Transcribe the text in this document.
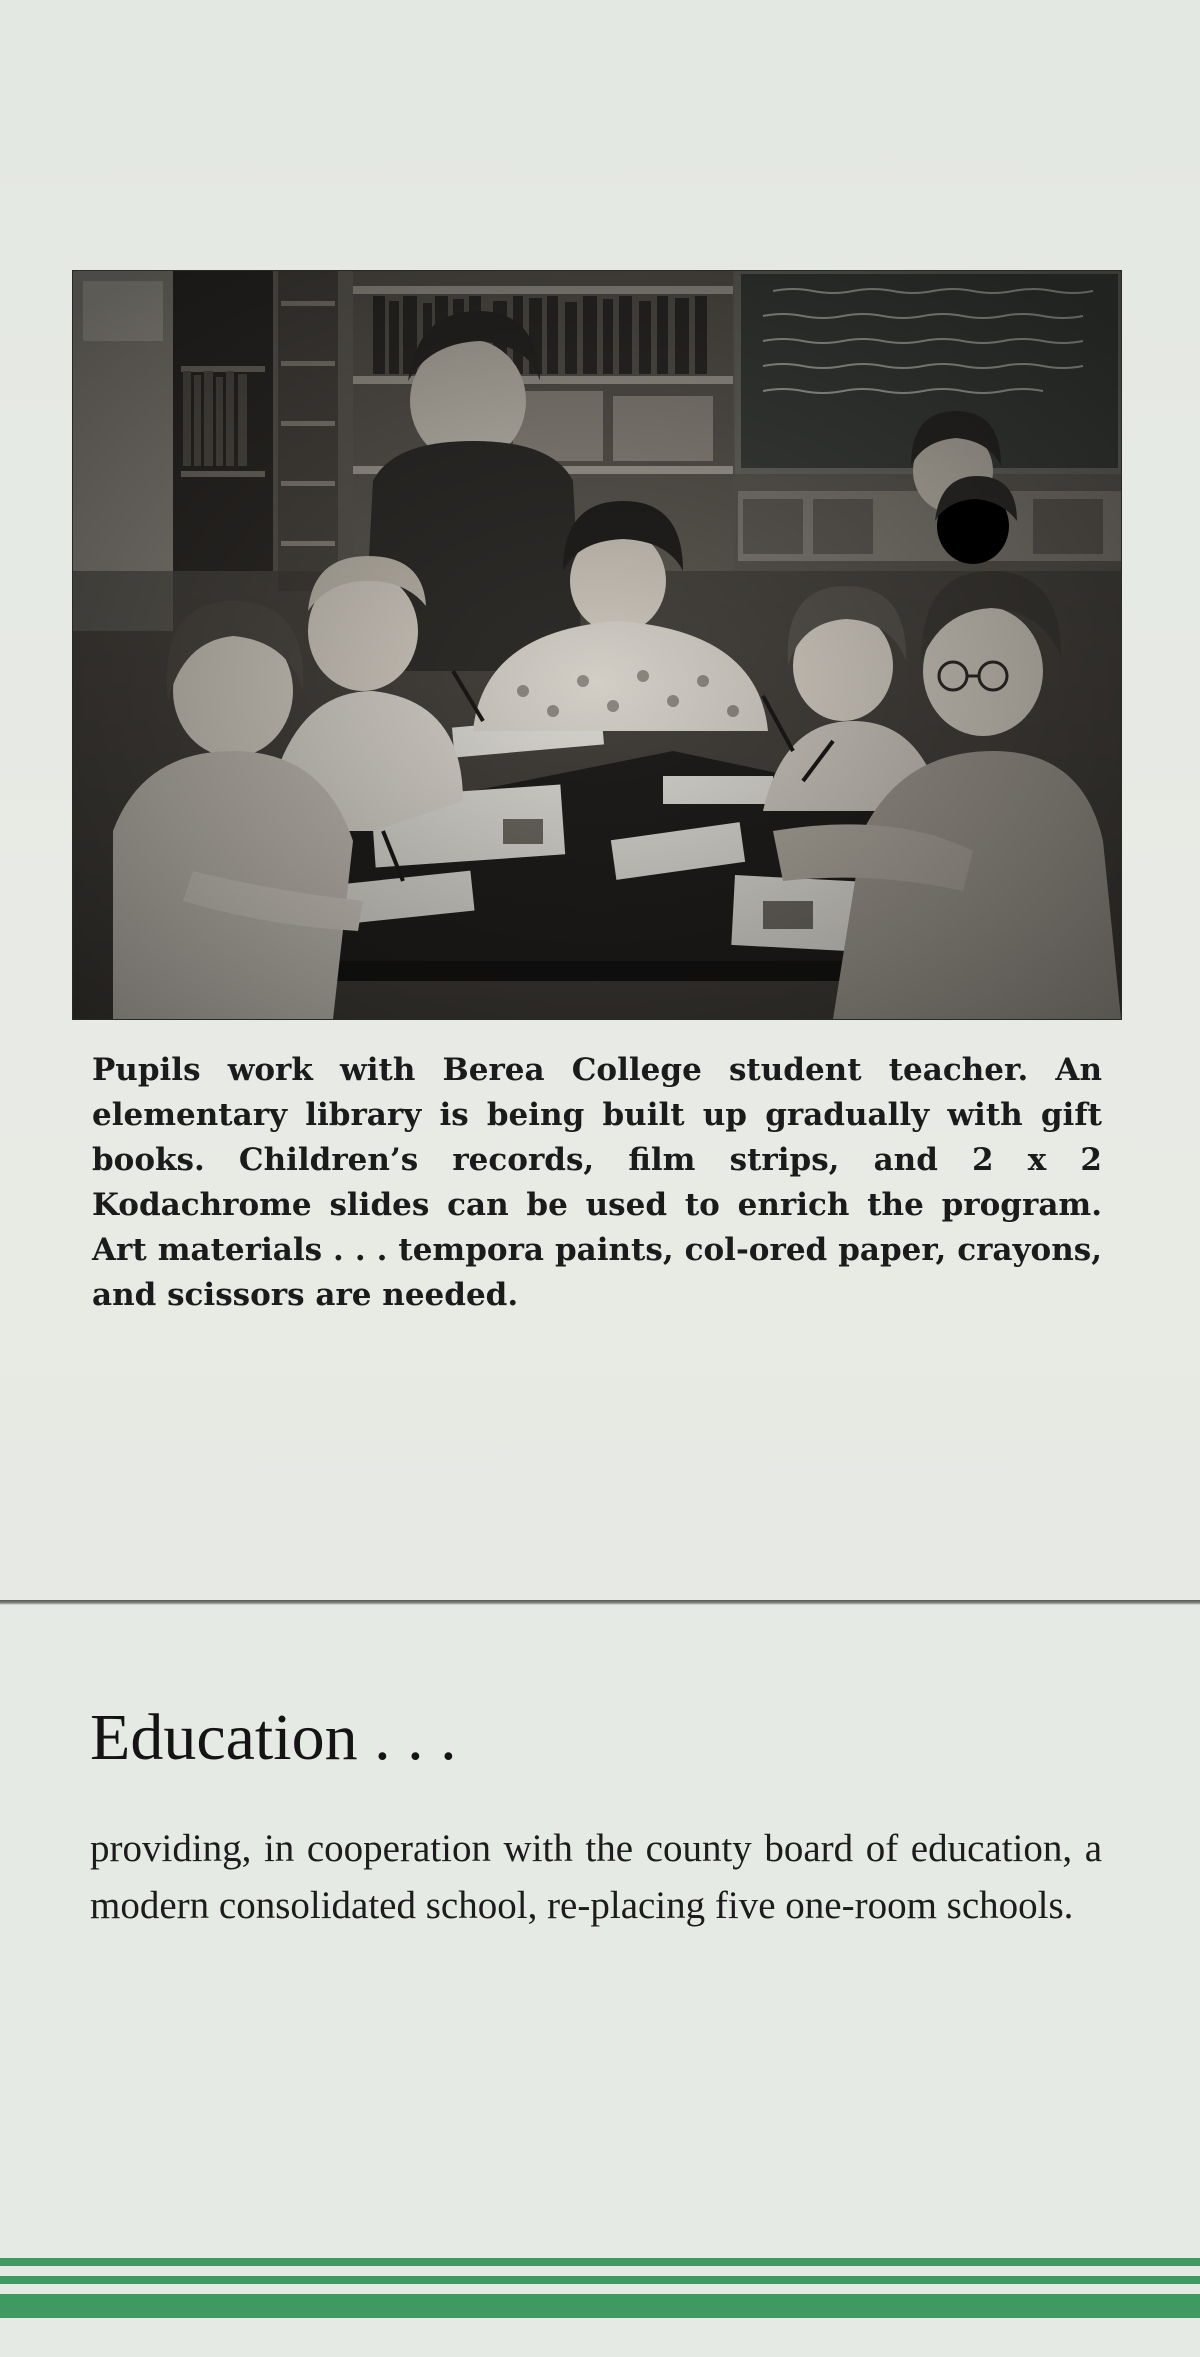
Pupils work with Berea College student teacher. An elementary library is being built up gradually with gift books. Children’s records, film strips, and 2 x 2 Kodachrome slides can be used to enrich the program. Art materials . . . tempora paints, col-ored paper, crayons, and scissors are needed.
Education . . .
providing, in cooperation with the county board of education, a modern consolidated school, re-placing five one-room schools.
